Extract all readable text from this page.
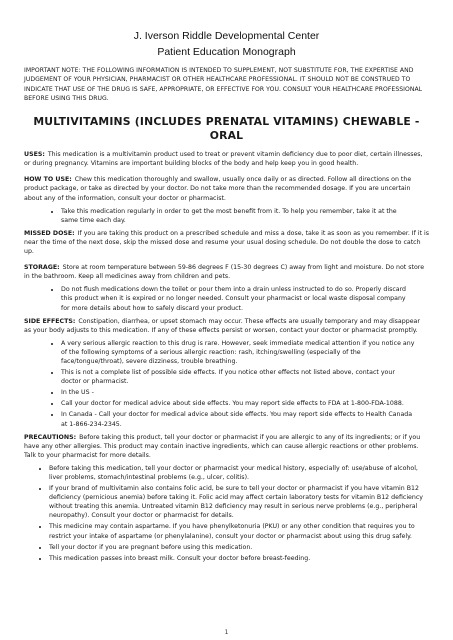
J. Iverson Riddle Developmental Center
Patient Education Monograph
IMPORTANT NOTE: THE FOLLOWING INFORMATION IS INTENDED TO SUPPLEMENT, NOT SUBSTITUTE FOR, THE EXPERTISE AND JUDGEMENT OF YOUR PHYSICIAN, PHARMACIST OR OTHER HEALTHCARE PROFESSIONAL. IT SHOULD NOT BE CONSTRUED TO INDICATE THAT USE OF THE DRUG IS SAFE, APPROPRIATE, OR EFFECTIVE FOR YOU. CONSULT YOUR HEALTHCARE PROFESSIONAL BEFORE USING THIS DRUG.
MULTIVITAMINS (INCLUDES PRENATAL VITAMINS) CHEWABLE - ORAL
USES: This medication is a multivitamin product used to treat or prevent vitamin deficiency due to poor diet, certain illnesses, or during pregnancy. Vitamins are important building blocks of the body and help keep you in good health.
HOW TO USE: Chew this medication thoroughly and swallow, usually once daily or as directed. Follow all directions on the product package, or take as directed by your doctor. Do not take more than the recommended dosage. If you are uncertain about any of the information, consult your doctor or pharmacist.
• Take this medication regularly in order to get the most benefit from it. To help you remember, take it at the same time each day.
MISSED DOSE: If you are taking this product on a prescribed schedule and miss a dose, take it as soon as you remember. If it is near the time of the next dose, skip the missed dose and resume your usual dosing schedule. Do not double the dose to catch up.
STORAGE: Store at room temperature between 59-86 degrees F (15-30 degrees C) away from light and moisture. Do not store in the bathroom. Keep all medicines away from children and pets.
• Do not flush medications down the toilet or pour them into a drain unless instructed to do so. Properly discard this product when it is expired or no longer needed. Consult your pharmacist or local waste disposal company for more details about how to safely discard your product.
SIDE EFFECTS: Constipation, diarrhea, or upset stomach may occur. These effects are usually temporary and may disappear as your body adjusts to this medication. If any of these effects persist or worsen, contact your doctor or pharmacist promptly.
• A very serious allergic reaction to this drug is rare. However, seek immediate medical attention if you notice any of the following symptoms of a serious allergic reaction: rash, itching/swelling (especially of the face/tongue/throat), severe dizziness, trouble breathing.
• This is not a complete list of possible side effects. If you notice other effects not listed above, contact your doctor or pharmacist.
• In the US -
• Call your doctor for medical advice about side effects. You may report side effects to FDA at 1-800-FDA-1088.
• In Canada - Call your doctor for medical advice about side effects. You may report side effects to Health Canada at 1-866-234-2345.
PRECAUTIONS: Before taking this product, tell your doctor or pharmacist if you are allergic to any of its ingredients; or if you have any other allergies. This product may contain inactive ingredients, which can cause allergic reactions or other problems. Talk to your pharmacist for more details.
• Before taking this medication, tell your doctor or pharmacist your medical history, especially of: use/abuse of alcohol, liver problems, stomach/intestinal problems (e.g., ulcer, colitis).
• If your brand of multivitamin also contains folic acid, be sure to tell your doctor or pharmacist if you have vitamin B12 deficiency (pernicious anemia) before taking it. Folic acid may affect certain laboratory tests for vitamin B12 deficiency without treating this anemia. Untreated vitamin B12 deficiency may result in serious nerve problems (e.g., peripheral neuropathy). Consult your doctor or pharmacist for details.
• This medicine may contain aspartame. If you have phenylketonuria (PKU) or any other condition that requires you to restrict your intake of aspartame (or phenylalanine), consult your doctor or pharmacist about using this drug safely.
• Tell your doctor if you are pregnant before using this medication.
• This medication passes into breast milk. Consult your doctor before breast-feeding.
1
